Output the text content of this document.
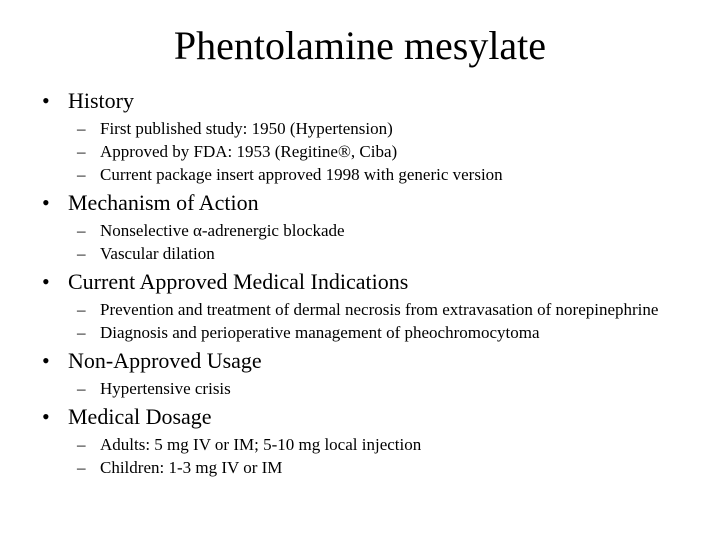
Phentolamine mesylate
• History
– First published study: 1950 (Hypertension)
– Approved by FDA: 1953 (Regitine®, Ciba)
– Current package insert approved 1998 with generic version
• Mechanism of Action
– Nonselective α-adrenergic blockade
– Vascular dilation
• Current Approved Medical Indications
– Prevention and treatment of dermal necrosis from extravasation of norepinephrine
– Diagnosis and perioperative management of pheochromocytoma
• Non-Approved Usage
– Hypertensive crisis
• Medical Dosage
– Adults: 5 mg IV or IM; 5-10 mg local injection
– Children: 1-3 mg IV or IM
